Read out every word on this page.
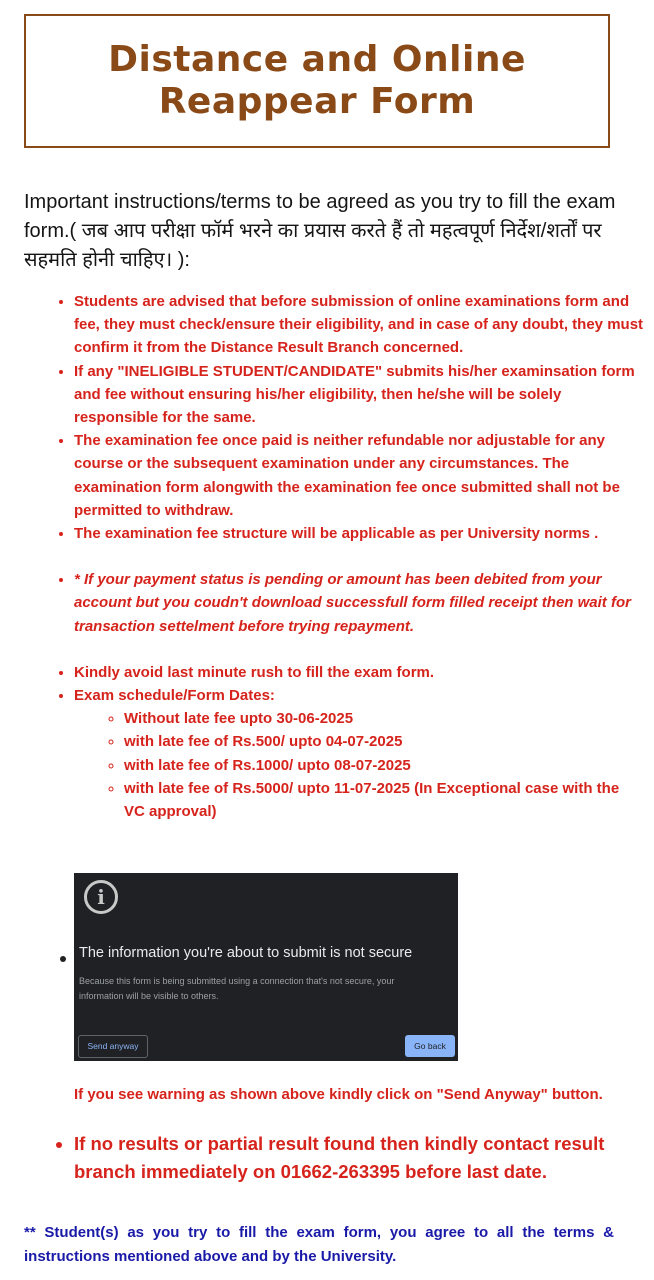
Distance and Online
Reappear Form
Important instructions/terms to be agreed as you try to fill the exam form.( जब आप परीक्षा फॉर्म भरने का प्रयास करते हैं तो महत्वपूर्ण निर्देश/शर्तों पर सहमति होनी चाहिए। ):
• Students are advised that before submission of online examinations form and fee, they must check/ensure their eligibility, and in case of any doubt, they must confirm it from the Distance Result Branch concerned.
• If any "INELIGIBLE STUDENT/CANDIDATE" submits his/her examinsation form and fee without ensuring his/her eligibility, then he/she will be solely responsible for the same.
• The examination fee once paid is neither refundable nor adjustable for any course or the subsequent examination under any circumstances. The examination form alongwith the examination fee once submitted shall not be permitted to withdraw.
• The examination fee structure will be applicable as per University norms .
• * If your payment status is pending or amount has been debited from your account but you coudn't download successfull form filled receipt then wait for transaction settelment before trying repayment.
• Kindly avoid last minute rush to fill the exam form.
• Exam schedule/Form Dates:
◦ Without late fee upto 30-06-2025
◦ with late fee of Rs.500/ upto 04-07-2025
◦ with late fee of Rs.1000/ upto 08-07-2025
◦ with late fee of Rs.5000/ upto 11-07-2025 (In Exceptional case with the VC approval)
i
The information you're about to submit is not secure
Because this form is being submitted using a connection that's not secure, your information will be visible to others.
Send anyway	Go back
If you see warning as shown above kindly click on "Send Anyway" button.
• If no results or partial result found then kindly contact result branch immediately on 01662-263395 before last date.
** Student(s) as you try to fill the exam form, you agree to all the terms & instructions mentioned above and by the University.
